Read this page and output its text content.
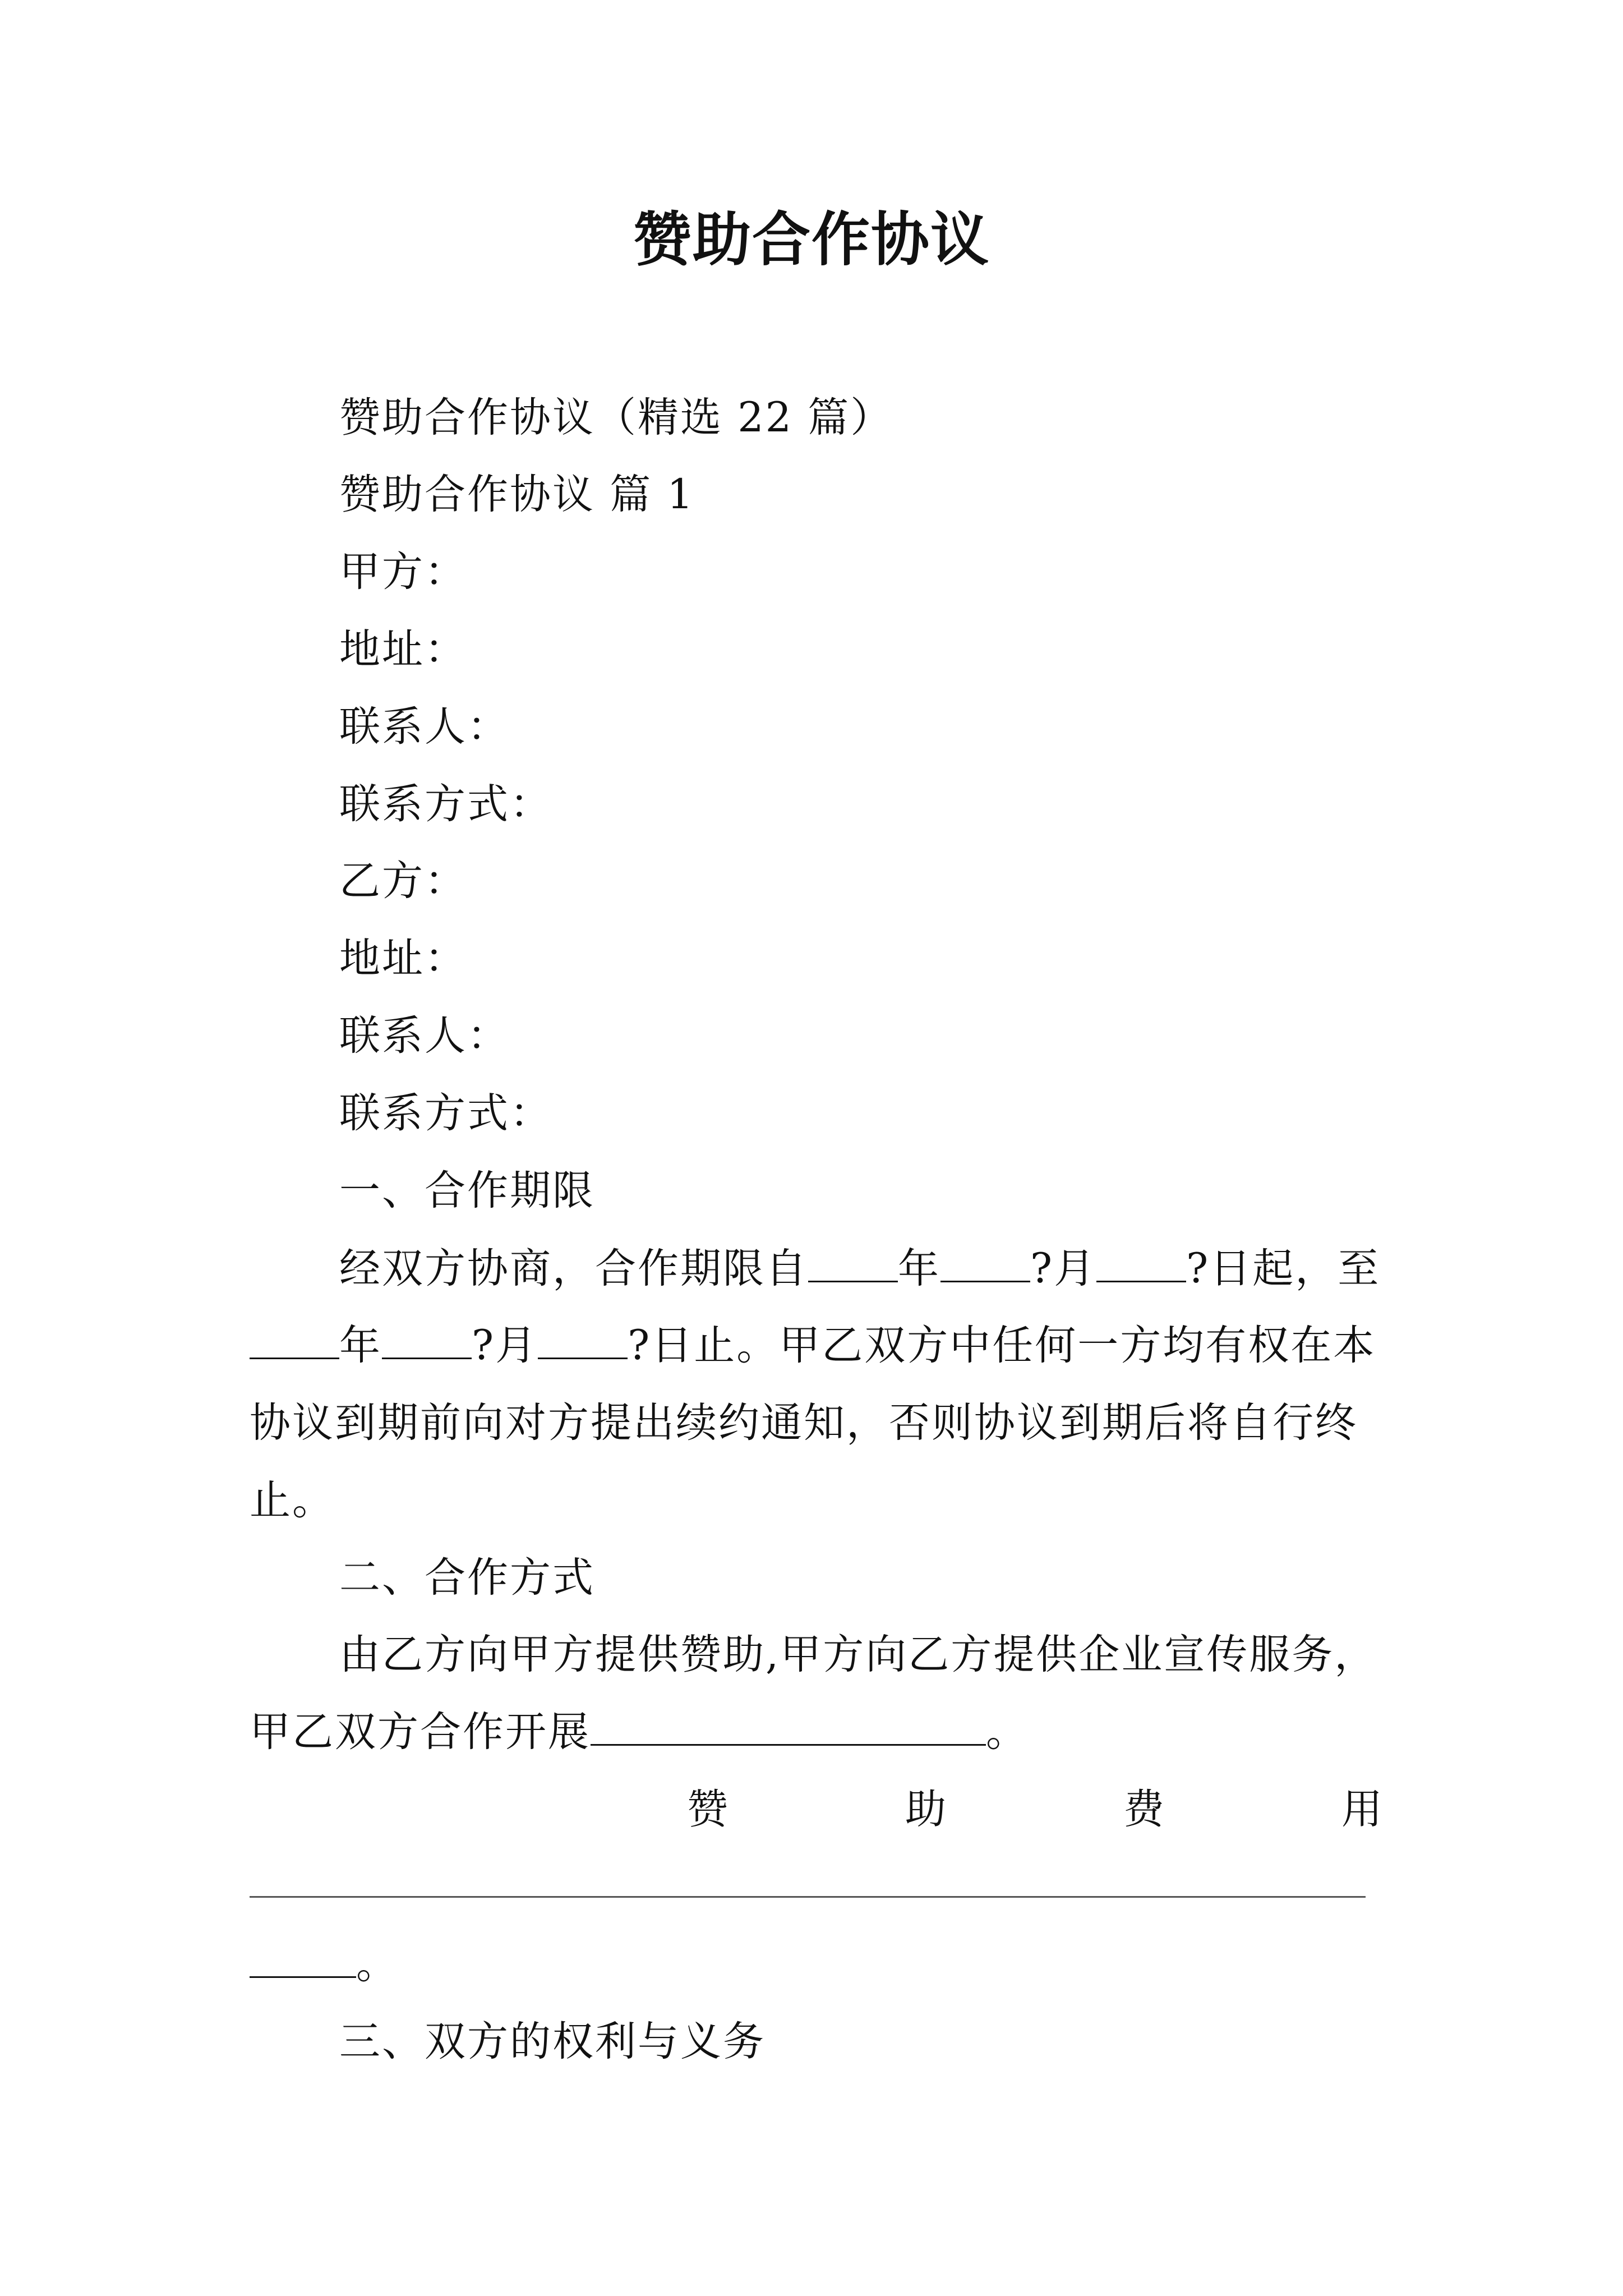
赞助合作协议
赞助合作协议（精选 22 篇）
赞助合作协议 篇 1
甲方：
地址：
联系人：
联系方式：
乙方：
地址：
联系人：
联系方式：
一、合作期限
经双方协商，合作期限自 年 ?月 ?日起，至
年 ?月 ?日止。甲乙双方中任何一方均有权在本
协议到期前向对方提出续约通知，否则协议到期后将自行终
止。
二、合作方式
由乙方向甲方提供赞助,甲方向乙方提供企业宣传服务，
甲乙双方合作开展	。
赞	助	费	用
。
三、双方的权利与义务
